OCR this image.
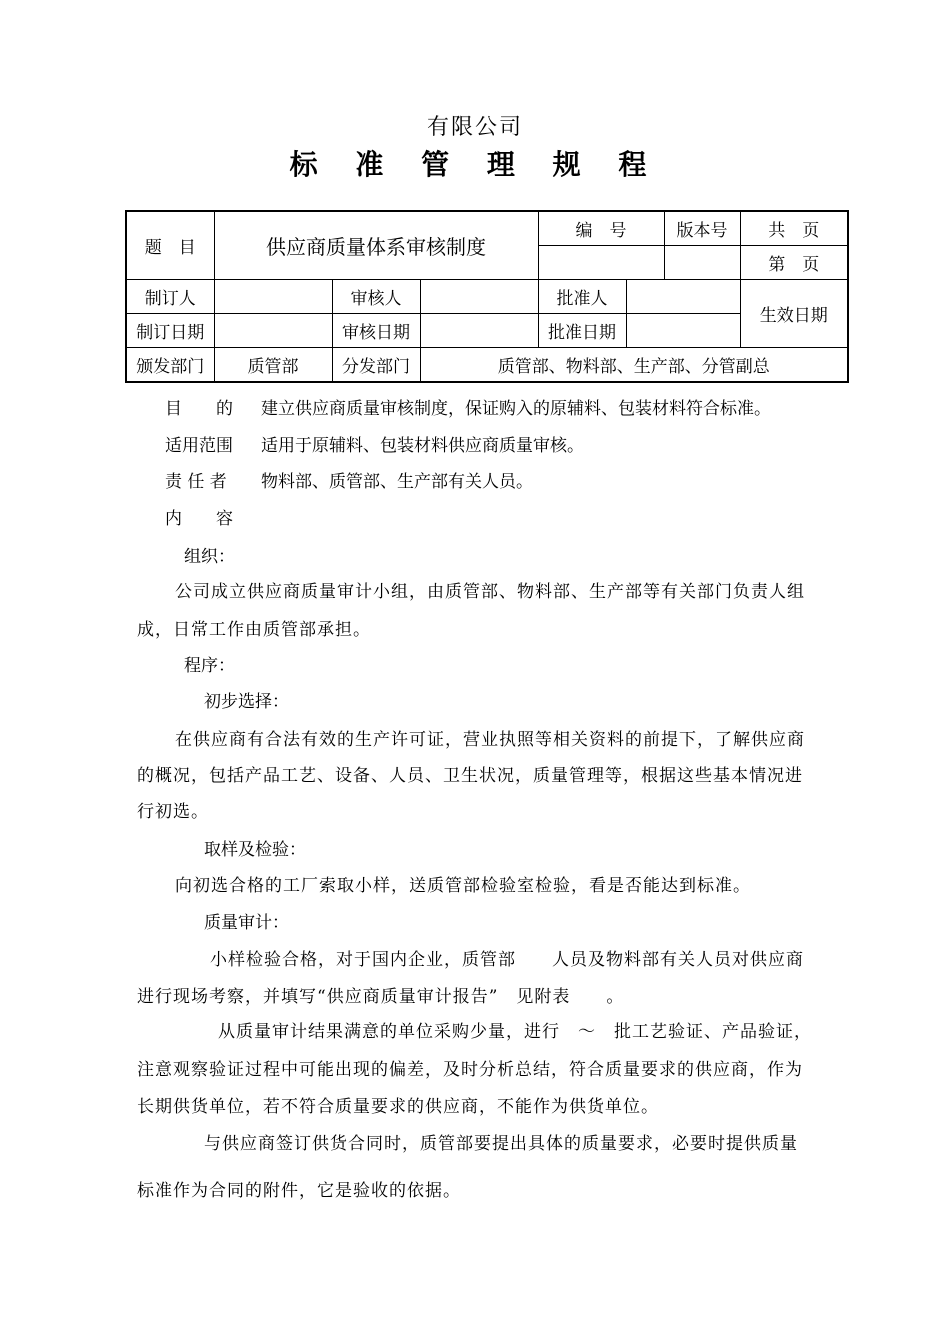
有限公司
标 准 管 理 规 程
题　目	供应商质量体系审核制度			编　号		版本号	共　页
							第　页
制订人		审核人		批准人			生效日期
制订日期		审核日期		批准日期			
颁发部门	质管部	分发部门	质管部、物料部、生产部、分管副总				
目　　的 建立供应商质量审核制度，保证购入的原辅料、包装材料符合标准。
适用范围 适用于原辅料、包装材料供应商质量审核。
责 任 者 物料部、质管部、生产部有关人员。
内　　容
组织：
公司成立供应商质量审计小组，由质管部、物料部、生产部等有关部门负责人组
成，日常工作由质管部承担。
程序：
初步选择：
在供应商有合法有效的生产许可证，营业执照等相关资料的前提下，了解供应商
的概况，包括产品工艺、设备、人员、卫生状况，质量管理等，根据这些基本情况进
行初选。
取样及检验：
向初选合格的工厂索取小样，送质管部检验室检验，看是否能达到标准。
质量审计：
小样检验合格，对于国内企业，质管部　　人员及物料部有关人员对供应商
进行现场考察，并填写“供应商质量审计报告”　见附表　　。
从质量审计结果满意的单位采购少量，进行　～　批工艺验证、产品验证，
注意观察验证过程中可能出现的偏差，及时分析总结，符合质量要求的供应商，作为
长期供货单位，若不符合质量要求的供应商，不能作为供货单位。
与供应商签订供货合同时，质管部要提出具体的质量要求，必要时提供质量
标准作为合同的附件，它是验收的依据。
